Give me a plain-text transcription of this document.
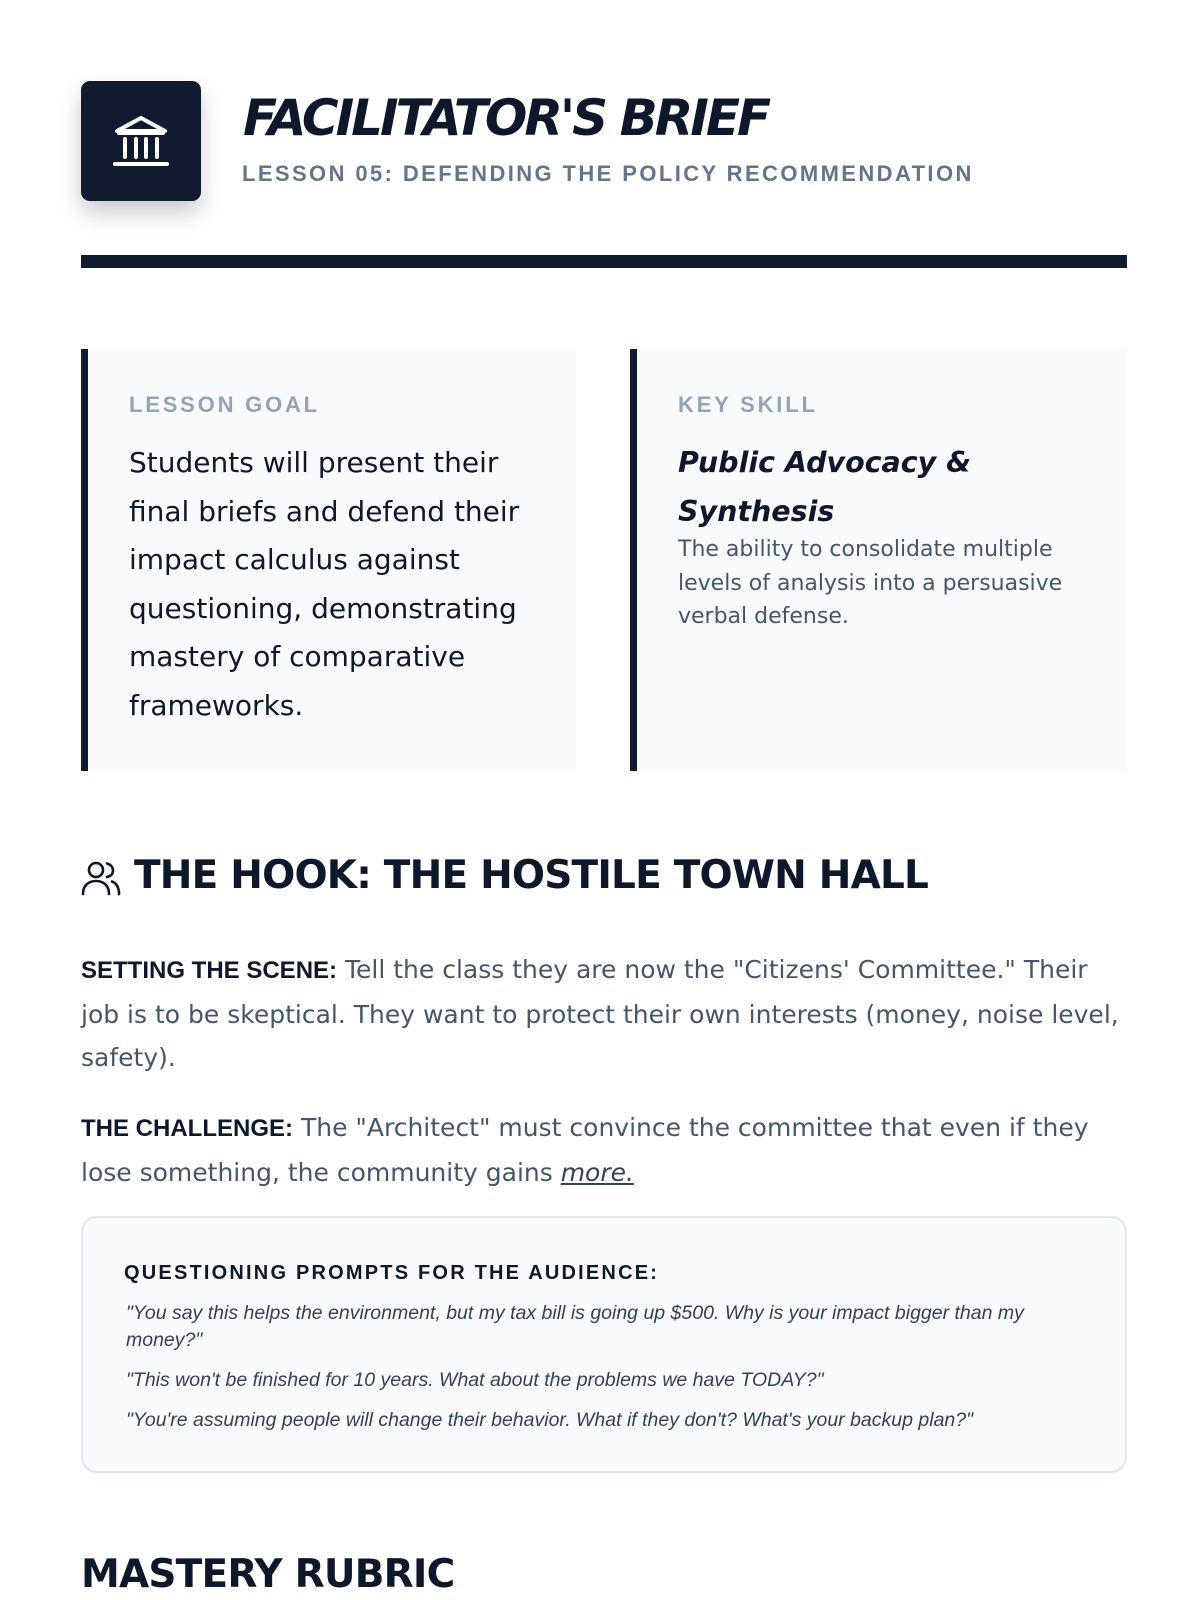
FACILITATOR'S BRIEF
LESSON 05: DEFENDING THE POLICY RECOMMENDATION
LESSON GOAL

Students will present their final briefs and defend their impact calculus against questioning, demonstrating mastery of comparative frameworks.

KEY SKILL

Public Advocacy & Synthesis

The ability to consolidate multiple levels of analysis into a persuasive verbal defense.

THE HOOK: THE HOSTILE TOWN HALL

SETTING THE SCENE: Tell the class they are now the "Citizens' Committee." Their job is to be skeptical. They want to protect their own interests (money, noise level, safety).

THE CHALLENGE: The "Architect" must convince the committee that even if they lose something, the community gains more.

QUESTIONING PROMPTS FOR THE AUDIENCE:

"You say this helps the environment, but my tax bill is going up $500. Why is your impact bigger than my money?"

"This won't be finished for 10 years. What about the problems we have TODAY?"

"You're assuming people will change their behavior. What if they don't? What's your backup plan?"

MASTERY RUBRIC
